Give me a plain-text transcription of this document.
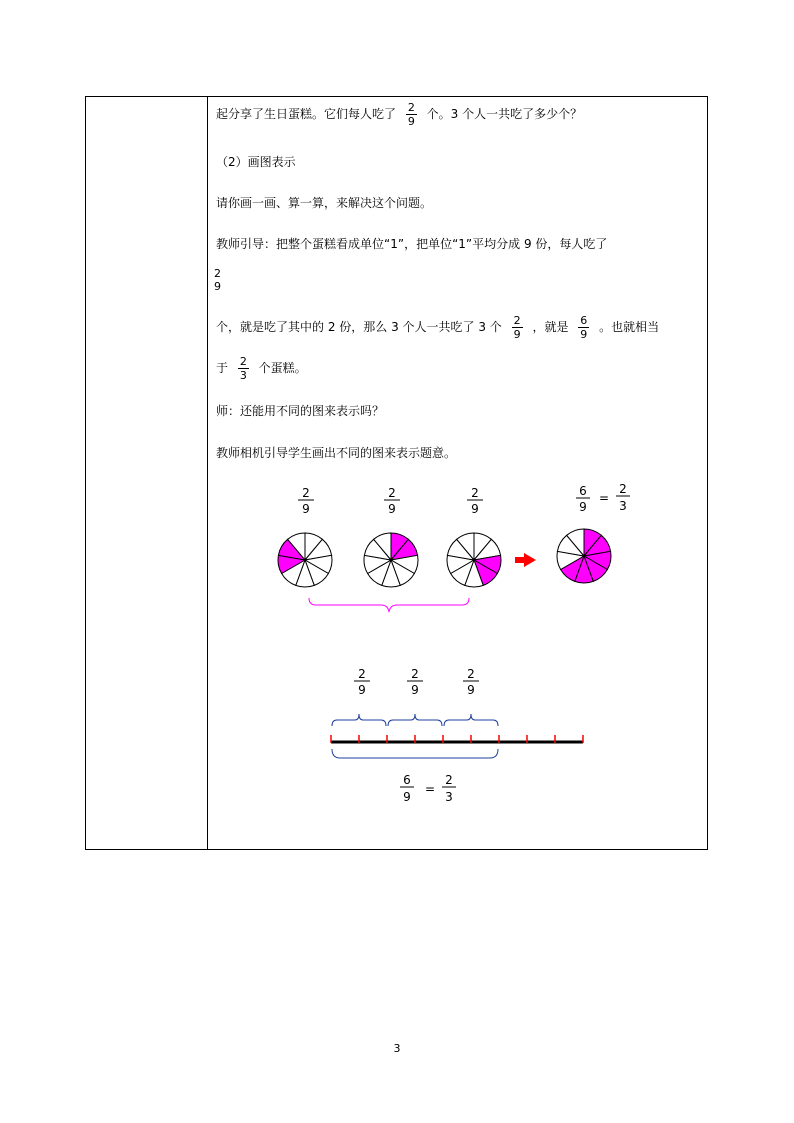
起分享了生日蛋糕。它们每人吃了 $\frac{2}{9}$ 个。3 个人一共吃了多少个？
（2）画图表示
请你画一画、算一算，来解决这个问题。
教师引导：把整个蛋糕看成单位“1”，把单位“1”平均分成 9 份，每人吃了
2
9
个，就是吃了其中的 2 份，那么 3 个人一共吃了 3 个 $\frac{2}{9}$ ，就是 $\frac{6}{9}$ 。也就相当
于 $\frac{2}{3}$ 个蛋糕。
师：还能用不同的图来表示吗？
教师相机引导学生画出不同的图来表示题意。
2
9
2
9
2
9
6
9
=
2
3
2
9
2
9
2
9
6
9
=
2
3
3
